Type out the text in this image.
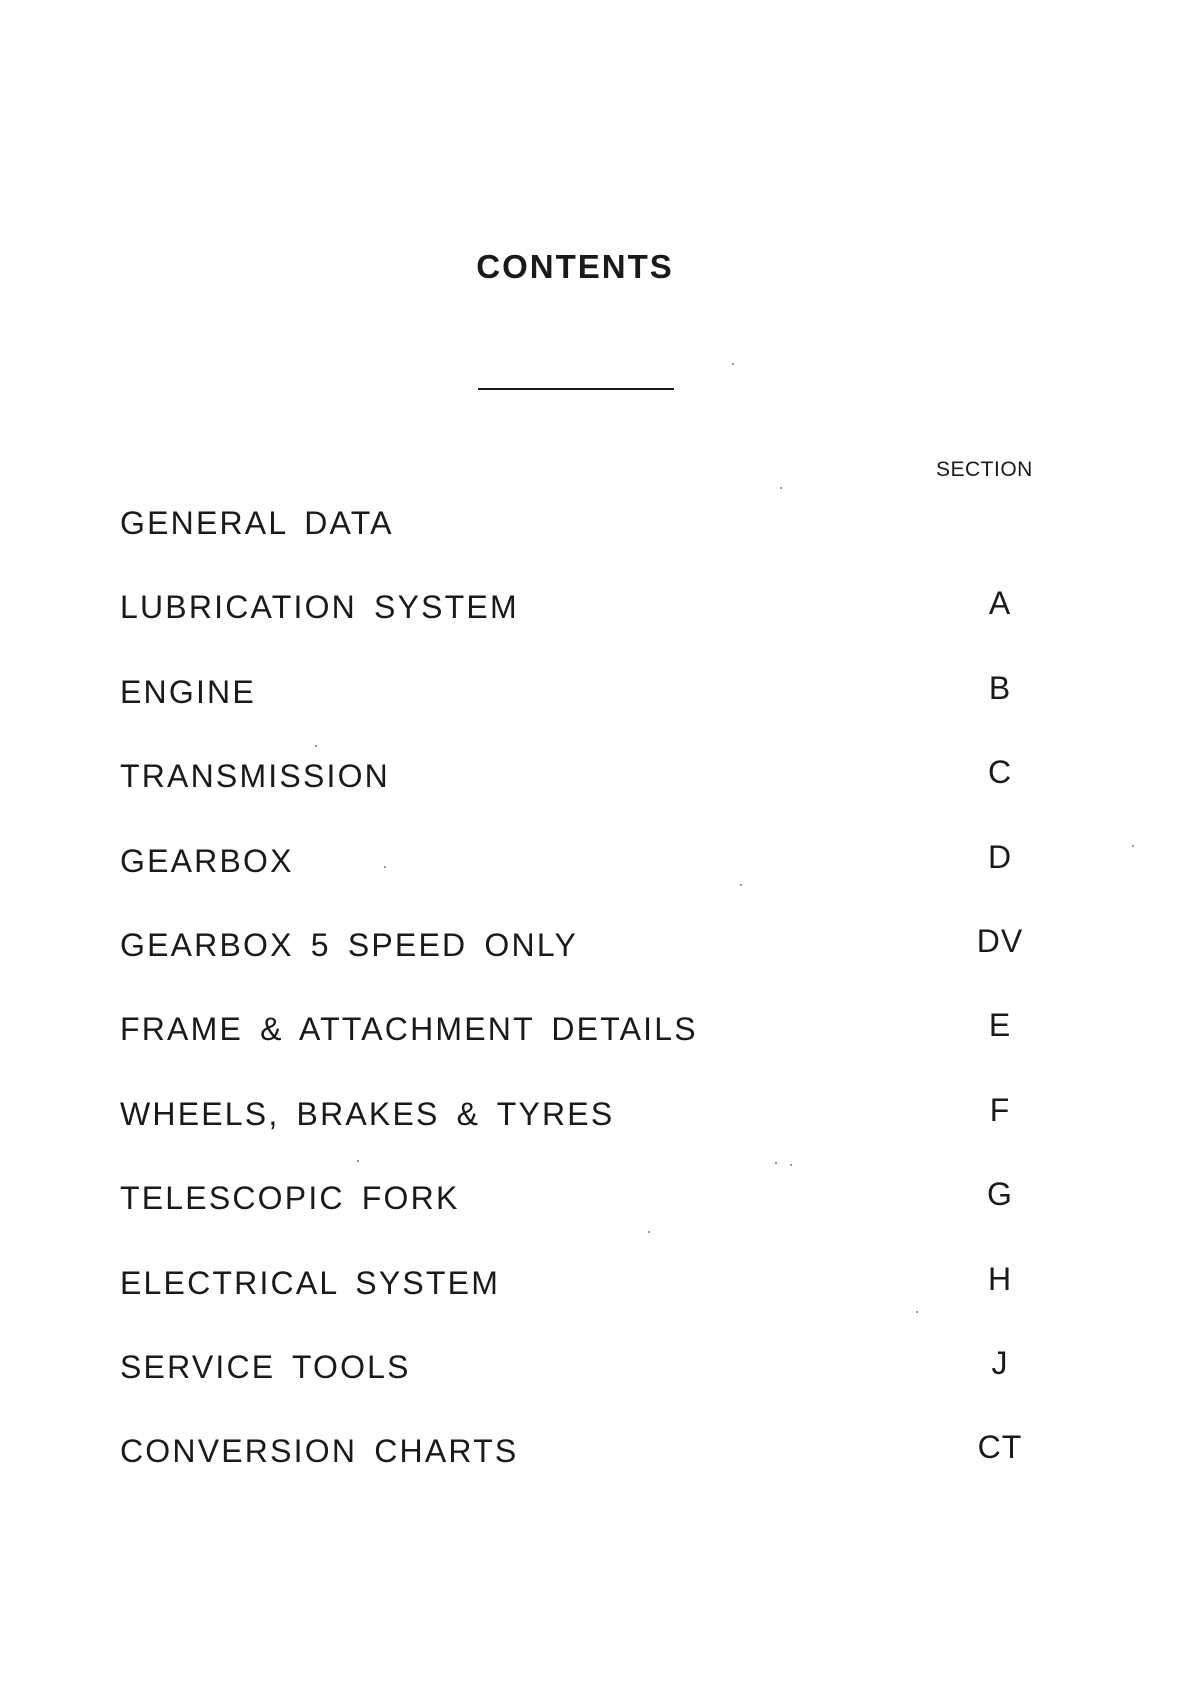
CONTENTS
SECTION
GENERAL DATA
LUBRICATION SYSTEM	A
ENGINE	B
TRANSMISSION	C
GEARBOX	D
GEARBOX 5 SPEED ONLY	DV
FRAME & ATTACHMENT DETAILS	E
WHEELS, BRAKES & TYRES	F
TELESCOPIC FORK	G
ELECTRICAL SYSTEM	H
SERVICE TOOLS	J
CONVERSION CHARTS	CT
